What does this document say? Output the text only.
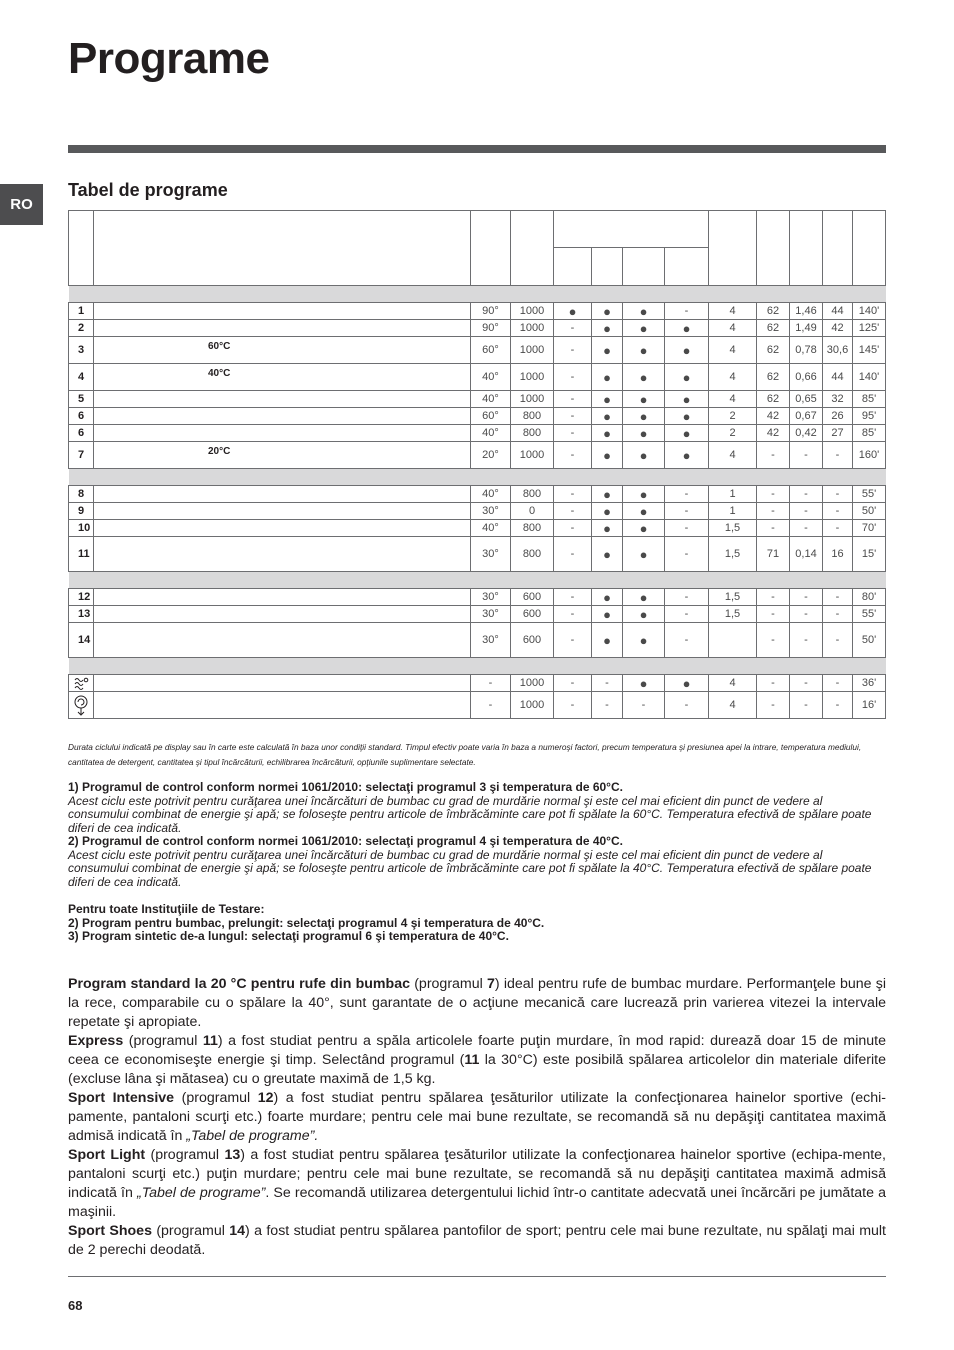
Programe
RO
Tabel de programe

1		90°	1000	●	●	●	-	4	62	1,46	44	140'
2		90°	1000	-	●	●	●	4	62	1,49	42	125'
3	60°C	60°	1000	-	●	●	●	4	62	0,78	30,6	145'
4	40°C	40°	1000	-	●	●	●	4	62	0,66	44	140'
5		40°	1000	-	●	●	●	4	62	0,65	32	85'
6		60°	800	-	●	●	●	2	42	0,67	26	95'
6		40°	800	-	●	●	●	2	42	0,42	27	85'
7	20°C	20°	1000	-	●	●	●	4	-	-	-	160'

8		40°	800	-	●	●	-	1	-	-	-	55'
9		30°	0	-	●	●	-	1	-	-	-	50'
10		40°	800	-	●	●	-	1,5	-	-	-	70'
11		30°	800	-	●	●	-	1,5	71	0,14	16	15'

12		30°	600	-	●	●	-	1,5	-	-	-	80'
13		30°	600	-	●	●	-	1,5	-	-	-	55'
14		30°	600	-	●	●	-		-	-	-	50'

		-	1000	-	-	●	●	4	-	-	-	36'

		-	1000	-	-	-	-	4	-	-	-	16'
Durata ciclului indicată pe display sau în carte este calculată în baza unor condiţii standard. Timpul efectiv poate varia în baza a numeroşi factori, precum temperatura şi presiunea apei la intrare, temperatura mediului, cantitatea de detergent, cantitatea şi tipul încărcăturii, echilibrarea încărcăturii, opţiunile suplimentare selectate.

1) Programul de control conform normei 1061/2010: selectaţi programul 3 şi temperatura de 60°C.

Acest ciclu este potrivit pentru curăţarea unei încărcături de bumbac cu grad de murdărie normal şi este cel mai eficient din punct de vedere al consumului combinat de energie şi apă; se foloseşte pentru articole de îmbrăcăminte care pot fi spălate la 60°C. Temperatura efectivă de spălare poate diferi de cea indicată.

2) Programul de control conform normei 1061/2010: selectaţi programul 4 şi temperatura de 40°C.

Acest ciclu este potrivit pentru curăţarea unei încărcături de bumbac cu grad de murdărie normal şi este cel mai eficient din punct de vedere al consumului combinat de energie şi apă; se foloseşte pentru articole de îmbrăcăminte care pot fi spălate la 40°C. Temperatura efectivă de spălare poate diferi de cea indicată.

Pentru toate Instituţiile de Testare:

2) Program pentru bumbac, prelungit: selectaţi programul 4 şi temperatura de 40°C.

3) Program sintetic de-a lungul: selectaţi programul 6 şi temperatura de 40°C.

Program standard la 20 °C pentru rufe din bumbac (programul 7) ideal pentru rufe de bumbac murdare. Performanţele bune şi la rece, comparabile cu o spălare la 40°, sunt garantate de o acţiune mecanică care lucrează prin varierea vitezei la intervale repetate şi apropiate.

Express (programul 11) a fost studiat pentru a spăla articolele foarte puţin murdare, în mod rapid: durează doar 15 de minute ceea ce economiseşte energie şi timp. Selectând programul (11 la 30°C) este posibilă spălarea articolelor din materiale diferite (excluse lâna şi mătasea) cu o greutate maximă de 1,5 kg.

Sport Intensive (programul 12) a fost studiat pentru spălarea ţesăturilor utilizate la confecţionarea hainelor sportive (echi-pamente, pantaloni scurţi etc.) foarte murdare; pentru cele mai bune rezultate, se recomandă să nu depăşiţi cantitatea maximă admisă indicată în „Tabel de programe”.

Sport Light (programul 13) a fost studiat pentru spălarea ţesăturilor utilizate la confecţionarea hainelor sportive (echipa-mente, pantaloni scurţi etc.) puţin murdare; pentru cele mai bune rezultate, se recomandă să nu depăşiţi cantitatea maximă admisă indicată în „Tabel de programe”. Se recomandă utilizarea detergentului lichid într-o cantitate adecvată unei încărcări pe jumătate a maşinii.

Sport Shoes (programul 14) a fost studiat pentru spălarea pantofilor de sport; pentru cele mai bune rezultate, nu spălaţi mai mult de 2 perechi deodată.

68
